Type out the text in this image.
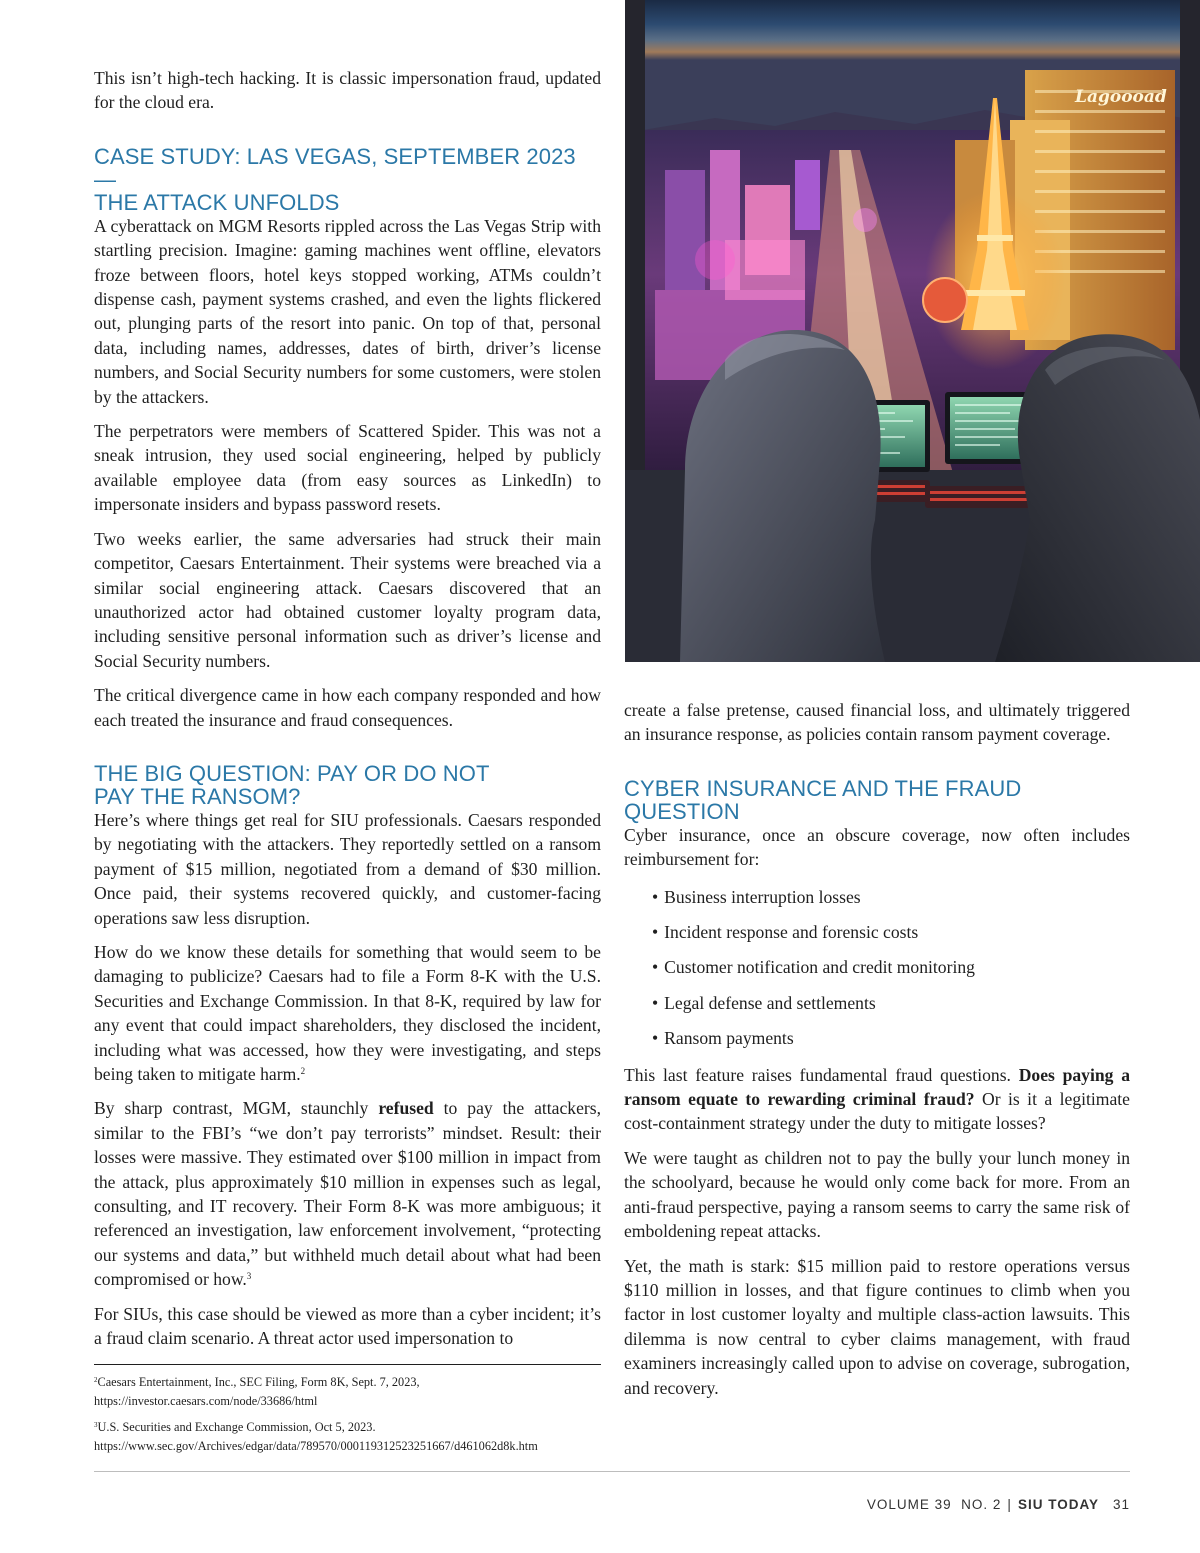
This isn’t high-tech hacking. It is classic impersonation fraud, updated for the cloud era.

CASE STUDY: LAS VEGAS, SEPTEMBER 2023 —
THE ATTACK UNFOLDS

A cyberattack on MGM Resorts rippled across the Las Vegas Strip with startling precision. Imagine: gaming machines went offline, elevators froze between floors, hotel keys stopped working, ATMs couldn’t dispense cash, payment systems crashed, and even the lights flickered out, plunging parts of the resort into panic. On top of that, personal data, including names, addresses, dates of birth, driver’s license numbers, and Social Security numbers for some customers, were stolen by the attackers.

The perpetrators were members of Scattered Spider. This was not a sneak intrusion, they used social engineering, helped by publicly available employee data (from easy sources as LinkedIn) to impersonate insiders and bypass password resets.

Two weeks earlier, the same adversaries had struck their main competitor, Caesars Entertainment. Their systems were breached via a similar social engineering attack. Caesars discovered that an unauthorized actor had obtained customer loyalty program data, including sensitive personal information such as driver’s license and Social Security numbers.

The critical divergence came in how each company responded and how each treated the insurance and fraud consequences.

THE BIG QUESTION: PAY OR DO NOT
PAY THE RANSOM?

Here’s where things get real for SIU professionals. Caesars responded by negotiating with the attackers. They reportedly settled on a ransom payment of $15 million, negotiated from a demand of $30 million. Once paid, their systems recovered quickly, and customer-facing operations saw less disruption.

How do we know these details for something that would seem to be damaging to publicize? Caesars had to file a Form 8-K with the U.S. Securities and Exchange Commission. In that 8-K, required by law for any event that could impact shareholders, they disclosed the incident, including what was accessed, how they were investigating, and steps being taken to mitigate harm.$^2$

By sharp contrast, MGM, staunchly refused to pay the attackers, similar to the FBI’s “we don’t pay terrorists” mindset. Result: their losses were massive. They estimated over $100 million in impact from the attack, plus approximately $10 million in expenses such as legal, consulting, and IT recovery. Their Form 8-K was more ambiguous; it referenced an investigation, law enforcement involvement, “protecting our systems and data,” but withheld much detail about what had been compromised or how.$^3$

For SIUs, this case should be viewed as more than a cyber incident; it’s a fraud claim scenario. A threat actor used impersonation to

$^2$Caesars Entertainment, Inc., SEC Filing, Form 8K, Sept. 7, 2023, https://investor.caesars.com/node/33686/html

$^3$U.S. Securities and Exchange Commission, Oct 5, 2023. https://www.sec.gov/Archives/edgar/data/789570/000119312523251667/d461062d8k.htm

Lagoooad

create a false pretense, caused financial loss, and ultimately triggered an insurance response, as policies contain ransom payment coverage.

CYBER INSURANCE AND THE FRAUD
QUESTION

Cyber insurance, once an obscure coverage, now often includes reimbursement for:

• Business interruption losses
• Incident response and forensic costs
• Customer notification and credit monitoring
• Legal defense and settlements
• Ransom payments

This last feature raises fundamental fraud questions. Does paying a ransom equate to rewarding criminal fraud? Or is it a legitimate cost-containment strategy under the duty to mitigate losses?

We were taught as children not to pay the bully your lunch money in the schoolyard, because he would only come back for more. From an anti-fraud perspective, paying a ransom seems to carry the same risk of emboldening repeat attacks.

Yet, the math is stark: $15 million paid to restore operations versus $110 million in losses, and that figure continues to climb when you factor in lost customer loyalty and multiple class-action lawsuits. This dilemma is now central to cyber claims management, with fraud examiners increasingly called upon to advise on coverage, subrogation, and recovery.

VOLUME 39  NO. 2 | SIU TODAY 31
